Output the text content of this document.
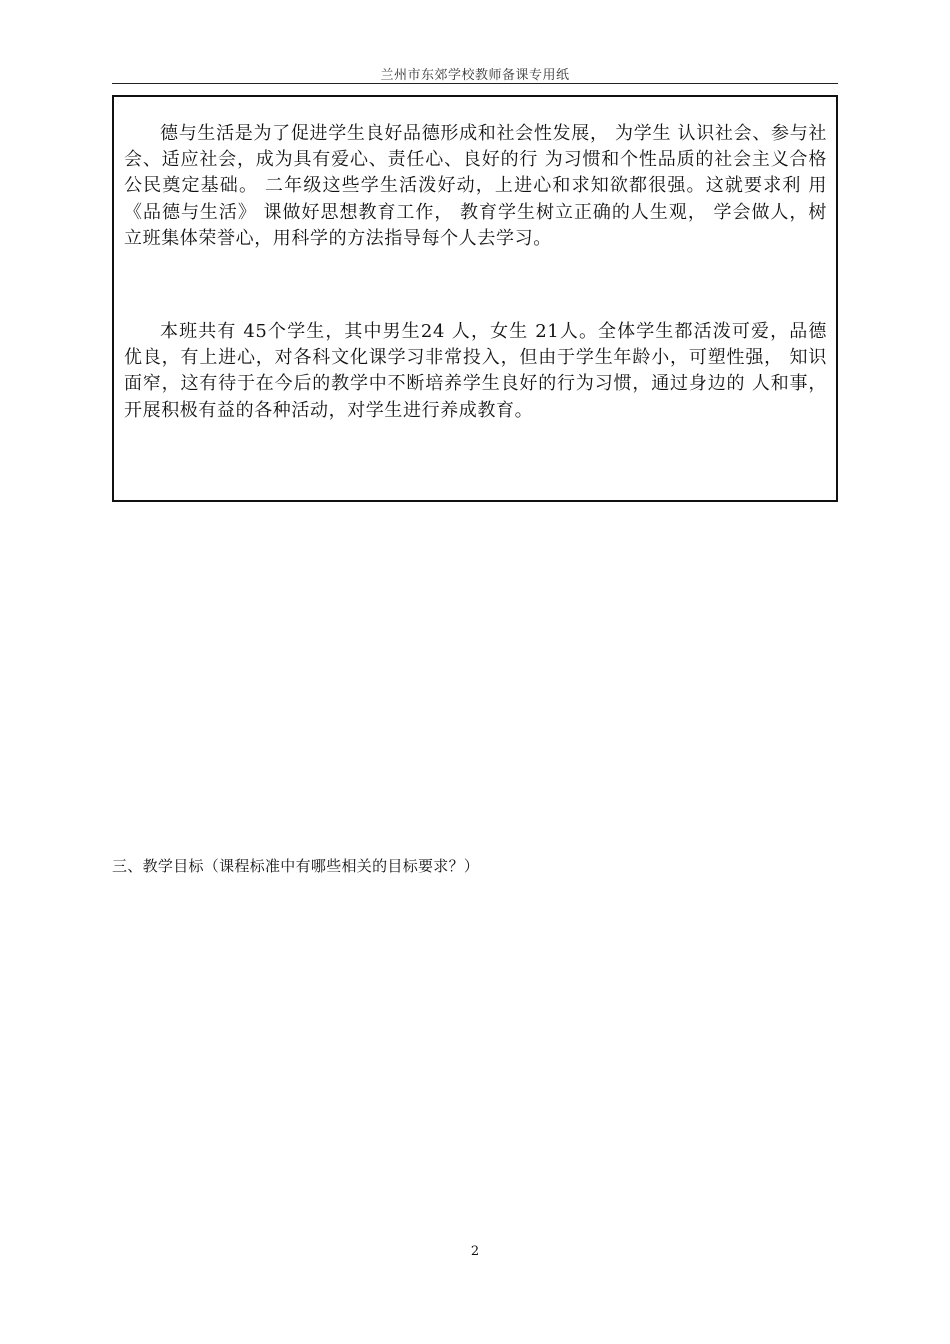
兰州市东郊学校教师备课专用纸

德与生活是为了促进学生良好品德形成和社会性发展， 为学生 认识社会、参与社会、适应社会，成为具有爱心、责任心、良好的行 为习惯和个性品质的社会主义合格公民奠定基础。 二年级这些学生活泼好动，上进心和求知欲都很强。这就要求利 用 《品德与生活》 课做好思想教育工作， 教育学生树立正确的人生观， 学会做人，树立班集体荣誉心，用科学的方法指导每个人去学习。

本班共有 45个学生，其中男生24 人，女生 21人。全体学生都活泼可爱，品德优良，有上进心，对各科文化课学习非常投入，但由于学生年龄小，可塑性强， 知识面窄，这有待于在今后的教学中不断培养学生良好的行为习惯，通过身边的 人和事，开展积极有益的各种活动，对学生进行养成教育。

三、教学目标（课程标准中有哪些相关的目标要求？）
2
